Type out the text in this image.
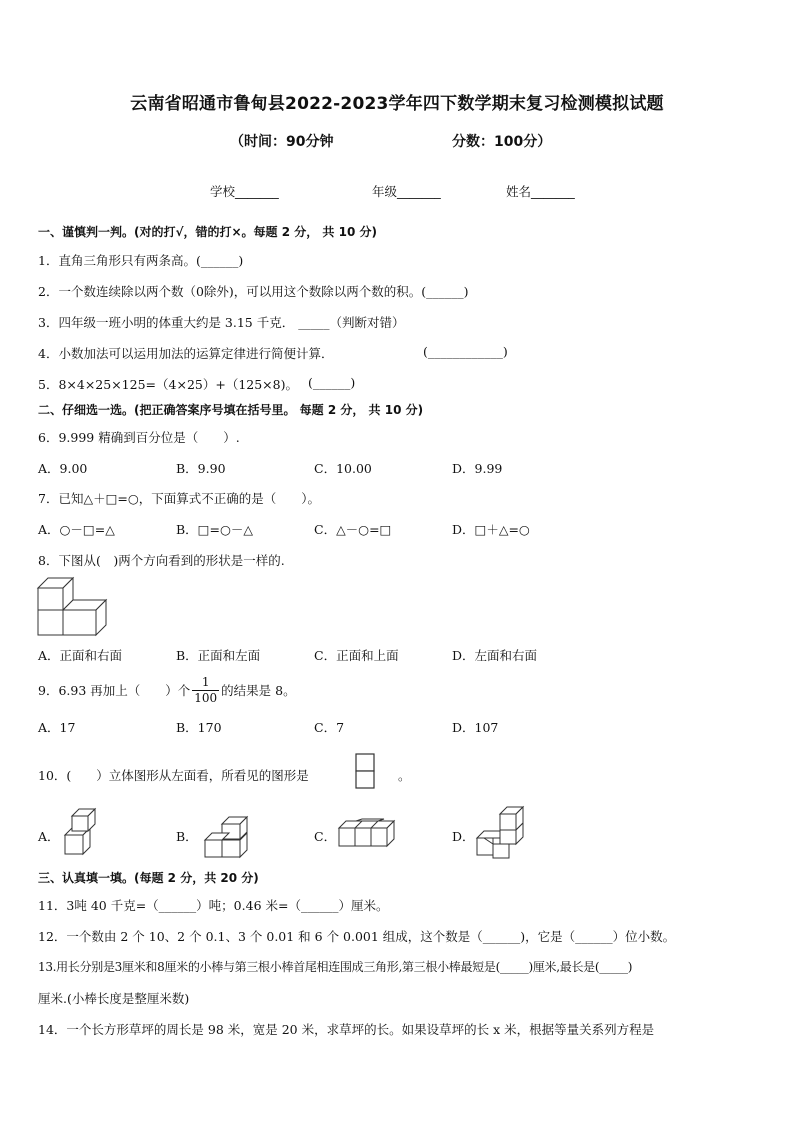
云南省昭通市鲁甸县2022-2023学年四下数学期末复习检测模拟试题
（时间：90分钟	分数：100分）
学校_______	年级_______	姓名_______
一、谨慎判一判。(对的打√，错的打×。每题 2 分， 共 10 分)
1．直角三角形只有两条高。(______)
2．一个数连续除以两个数（0除外)，可以用这个数除以两个数的积。(______)
3．四年级一班小明的体重大约是 3.15 千克． _____（判断对错）
4．小数加法可以运用加法的运算定律进行简便计算．	(____________)
5．8×4×25×125=（4×25）+（125×8)。 (______)
二、仔细选一选。(把正确答案序号填在括号里。 每题 2 分， 共 10 分)
6．9.999 精确到百分位是（　　）.
A．9.00	B．9.90	C．10.00	D．9.99
7．已知△＋□=○，下面算式不正确的是（　　）。
A．○－□=△	B．□=○－△	C．△－○=□	D．□＋△=○
8．下图从(　)两个方向看到的形状是一样的.
A．正面和右面	B．正面和左面	C．正面和上面	D．左面和右面
9．6.93 再加上（　　）个 $\frac{1}{100}$ 的结果是 8。
A．17	B．170	C．7	D．107
10．(　　）立体图形从左面看，所看见的图形是	。
A．	B．	C．	D．
三、认真填一填。(每题 2 分，共 20 分)
11．3吨 40 千克=（______）吨；0.46 米=（______）厘米。
12．一个数由 2 个 10、2 个 0.1、3 个 0.01 和 6 个 0.001 组成，这个数是（______)，它是（______）位小数。
13.用长分别是3厘米和8厘米的小棒与第三根小棒首尾相连围成三角形,第三根小棒最短是(_____)厘米,最长是(_____)
厘米.(小棒长度是整厘米数)
14．一个长方形草坪的周长是 98 米，宽是 20 米，求草坪的长。如果设草坪的长 x 米，根据等量关系列方程是
